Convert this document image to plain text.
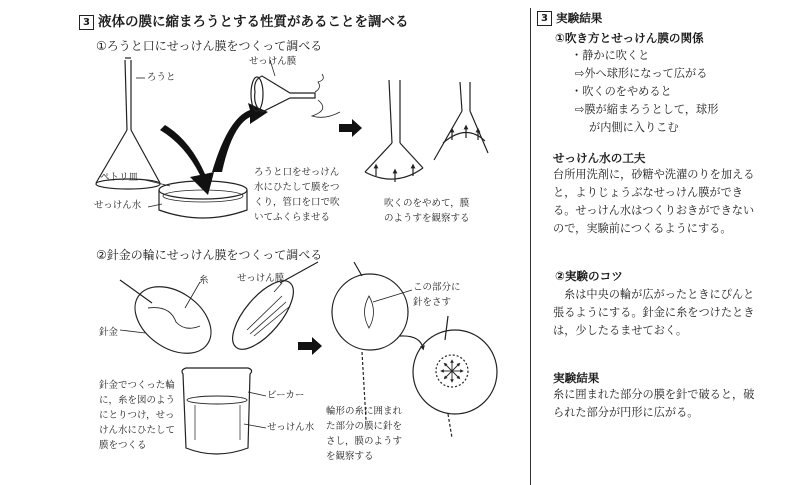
3 液体の膜に縮まろうとする性質があることを調べる
①ろうと口にせっけん膜をつくって調べる
ろうと
せっけん膜
ペトリ皿
せっけん水
ろうと口をせっけん
水にひたして膜をつ
くり，管口を口で吹
いてふくらませる
吹くのをやめて，膜
のようすを観察する
②針金の輪にせっけん膜をつくって調べる
糸	せっけん膜
針金
ビーカー
せっけん水
この部分に
針をさす
針金でつくった輪
に，糸を図のよう
にとりつけ，せっ
けん水にひたして
膜をつくる
輪形の糸に囲まれ
た部分の膜に針を
さし，膜のようす
を観察する
3 実験結果
①吹き方とせっけん膜の関係
・静かに吹くと
⇨外へ球形になって広がる
・吹くのをやめると
⇨膜が縮まろうとして，球形
が内側に入りこむ
せっけん水の工夫
台所用洗剤に，砂糖や洗濯のりを加えると，よりじょうぶなせっけん膜ができる。せっけん水はつくりおきができないので，実験前につくるようにする。
②実験のコツ
糸は中央の輪が広がったときにぴんと張るようにする。針金に糸をつけたときは，少したるませておく。
実験結果
糸に囲まれた部分の膜を針で破ると，破られた部分が円形に広がる。
